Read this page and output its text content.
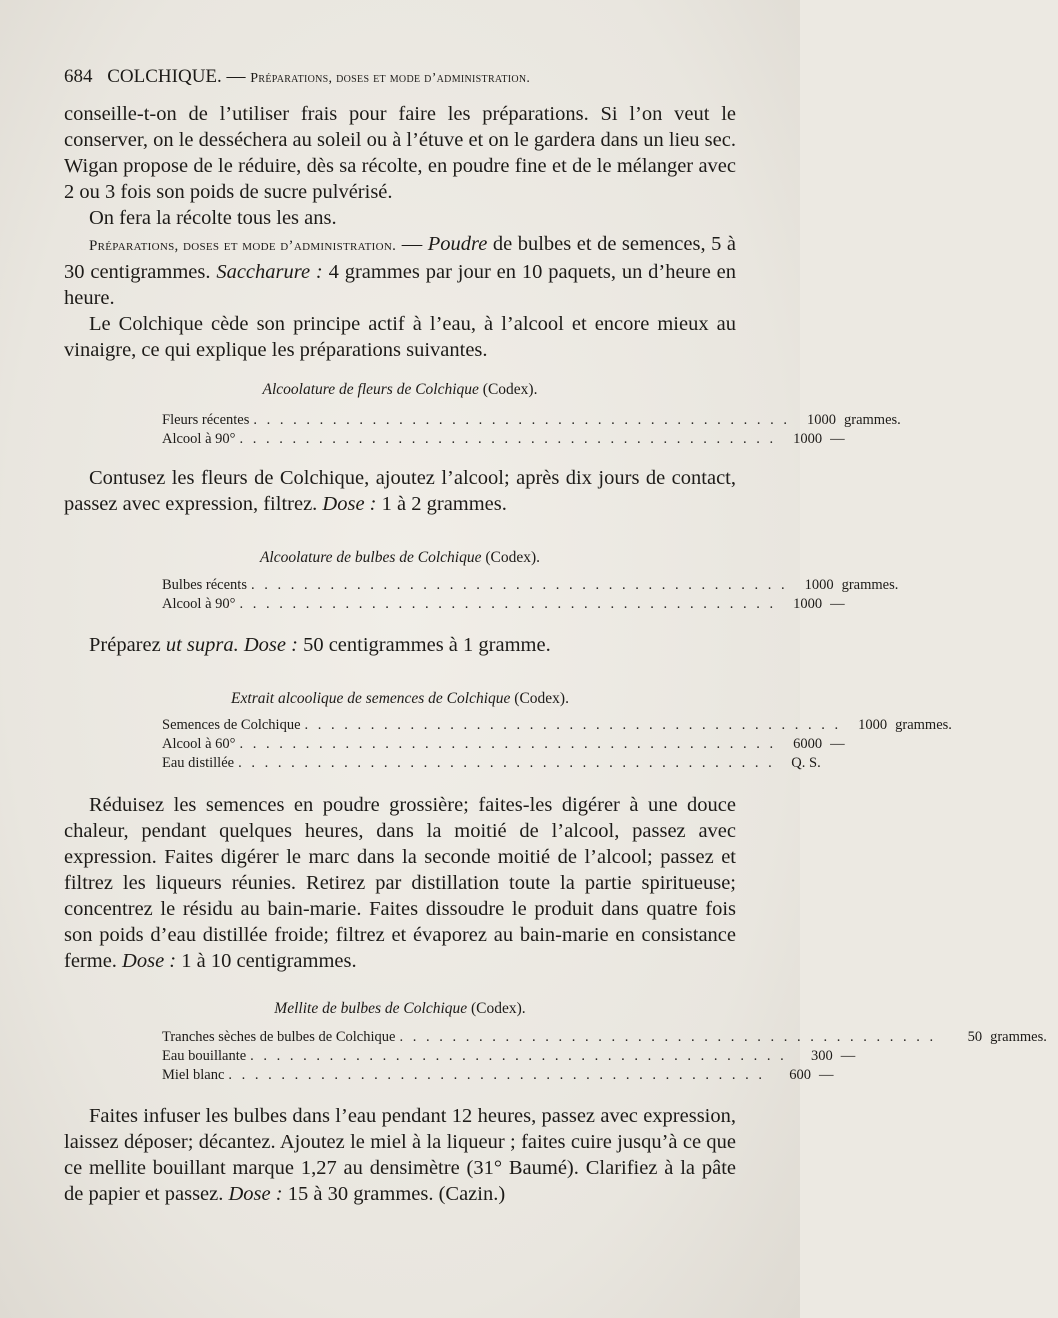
684 COLCHIQUE. — Préparations, doses et mode d’administration.

conseille-t-on de l’utiliser frais pour faire les préparations. Si l’on veut le conserver, on le desséchera au soleil ou à l’étuve et on le gardera dans un lieu sec. Wigan propose de le réduire, dès sa récolte, en poudre fine et de le mélanger avec 2 ou 3 fois son poids de sucre pulvérisé.

On fera la récolte tous les ans.

Préparations, doses et mode d’administration. — Poudre de bulbes et de semences, 5 à 30 centigrammes. Saccharure : 4 grammes par jour en 10 paquets, un d’heure en heure.

Le Colchique cède son principe actif à l’eau, à l’alcool et encore mieux au vinaigre, ce qui explique les préparations suivantes.

Alcoolature de fleurs de Colchique (Codex).
Fleurs récentes . . . . . . . . . . . . . . . . . . . . . . . . . . . . . . . . . . . . . . . . .	1000 grammes.
Alcool à 90° . . . . . . . . . . . . . . . . . . . . . . . . . . . . . . . . . . . . . . . . .	1000 —

Contusez les fleurs de Colchique, ajoutez l’alcool; après dix jours de contact, passez avec expression, filtrez. Dose : 1 à 2 grammes.

Alcoolature de bulbes de Colchique (Codex).
Bulbes récents . . . . . . . . . . . . . . . . . . . . . . . . . . . . . . . . . . . . . . . . .	1000 grammes.
Alcool à 90° . . . . . . . . . . . . . . . . . . . . . . . . . . . . . . . . . . . . . . . . .	1000 —

Préparez ut supra. Dose : 50 centigrammes à 1 gramme.

Extrait alcoolique de semences de Colchique (Codex).
Semences de Colchique . . . . . . . . . . . . . . . . . . . . . . . . . . . . . . . . . . . . . . . . .	1000 grammes.
Alcool à 60° . . . . . . . . . . . . . . . . . . . . . . . . . . . . . . . . . . . . . . . . .	6000 —
Eau distillée . . . . . . . . . . . . . . . . . . . . . . . . . . . . . . . . . . . . . . . . .	Q. S.

Réduisez les semences en poudre grossière; faites-les digérer à une douce chaleur, pendant quelques heures, dans la moitié de l’alcool, passez avec expression. Faites digérer le marc dans la seconde moitié de l’alcool; passez et filtrez les liqueurs réunies. Retirez par distillation toute la partie spiritueuse; concentrez le résidu au bain-marie. Faites dissoudre le produit dans quatre fois son poids d’eau distillée froide; filtrez et évaporez au bain-marie en consistance ferme. Dose : 1 à 10 centigrammes.

Mellite de bulbes de Colchique (Codex).
Tranches sèches de bulbes de Colchique . . . . . . . . . . . . . . . . . . . . . . . . . . . . . . . . . . . . . . . . .	50 grammes.
Eau bouillante . . . . . . . . . . . . . . . . . . . . . . . . . . . . . . . . . . . . . . . . .	300 —
Miel blanc . . . . . . . . . . . . . . . . . . . . . . . . . . . . . . . . . . . . . . . . .	600 —

Faites infuser les bulbes dans l’eau pendant 12 heures, passez avec expression, laissez déposer; décantez. Ajoutez le miel à la liqueur ; faites cuire jusqu’à ce que ce mellite bouillant marque 1,27 au densimètre (31° Baumé). Clarifiez à la pâte de papier et passez. Dose : 15 à 30 grammes. (Cazin.)
